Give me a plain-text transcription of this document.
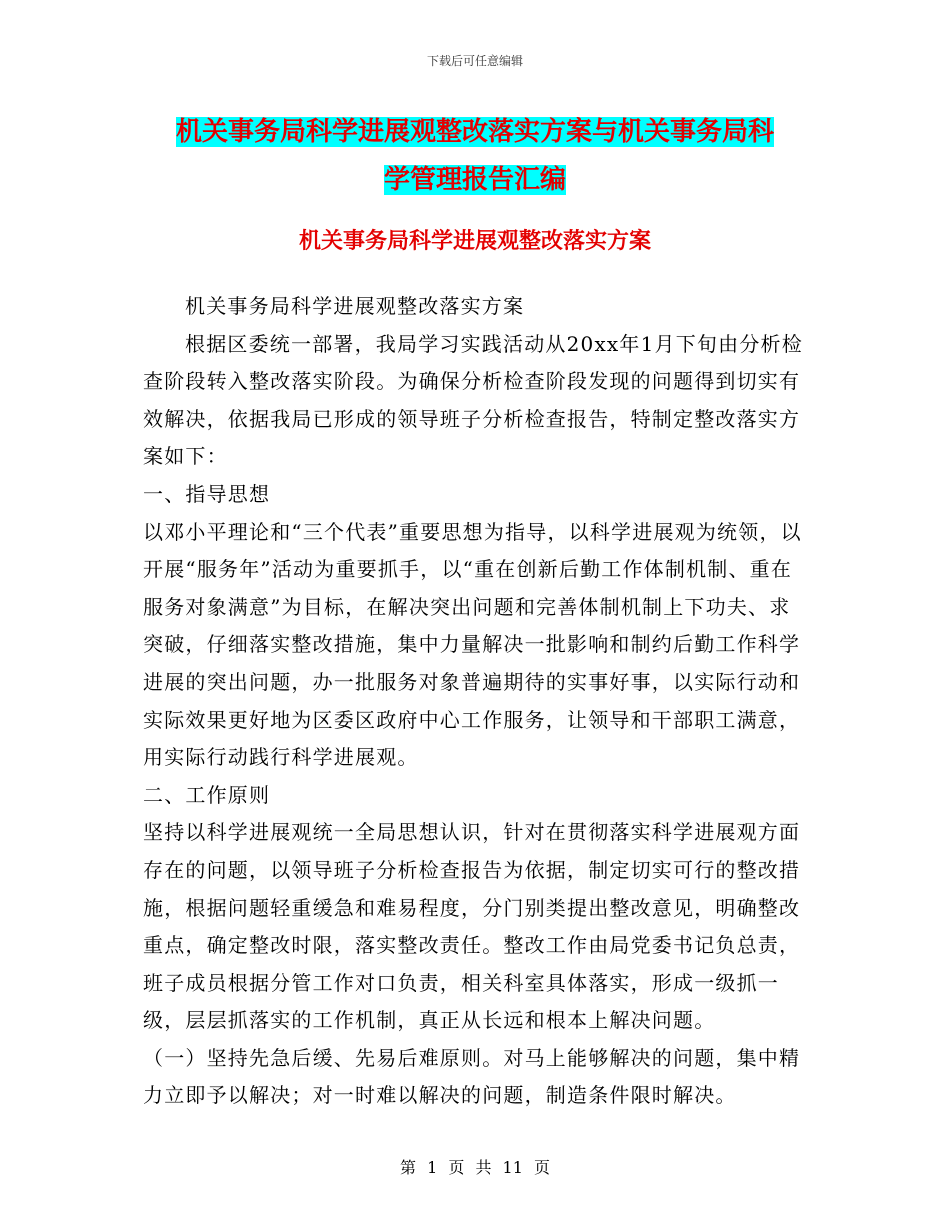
下载后可任意编辑
机关事务局科学进展观整改落实方案与机关事务局科
学管理报告汇编
机关事务局科学进展观整改落实方案

机关事务局科学进展观整改落实方案

根据区委统一部署，我局学习实践活动从20xx年1月下旬由分析检查阶段转入整改落实阶段。为确保分析检查阶段发现的问题得到切实有效解决，依据我局已形成的领导班子分析检查报告，特制定整改落实方案如下：

一、指导思想

以邓小平理论和“三个代表”重要思想为指导，以科学进展观为统领，以开展“服务年”活动为重要抓手，以“重在创新后勤工作体制机制、重在服务对象满意”为目标，在解决突出问题和完善体制机制上下功夫、求突破，仔细落实整改措施，集中力量解决一批影响和制约后勤工作科学进展的突出问题，办一批服务对象普遍期待的实事好事，以实际行动和实际效果更好地为区委区政府中心工作服务，让领导和干部职工满意，用实际行动践行科学进展观。

二、工作原则

坚持以科学进展观统一全局思想认识，针对在贯彻落实科学进展观方面存在的问题，以领导班子分析检查报告为依据，制定切实可行的整改措施，根据问题轻重缓急和难易程度，分门别类提出整改意见，明确整改重点，确定整改时限，落实整改责任。整改工作由局党委书记负总责，班子成员根据分管工作对口负责，相关科室具体落实，形成一级抓一级，层层抓落实的工作机制，真正从长远和根本上解决问题。

（一）坚持先急后缓、先易后难原则。对马上能够解决的问题，集中精力立即予以解决；对一时难以解决的问题，制造条件限时解决。

第 1 页 共 11 页
